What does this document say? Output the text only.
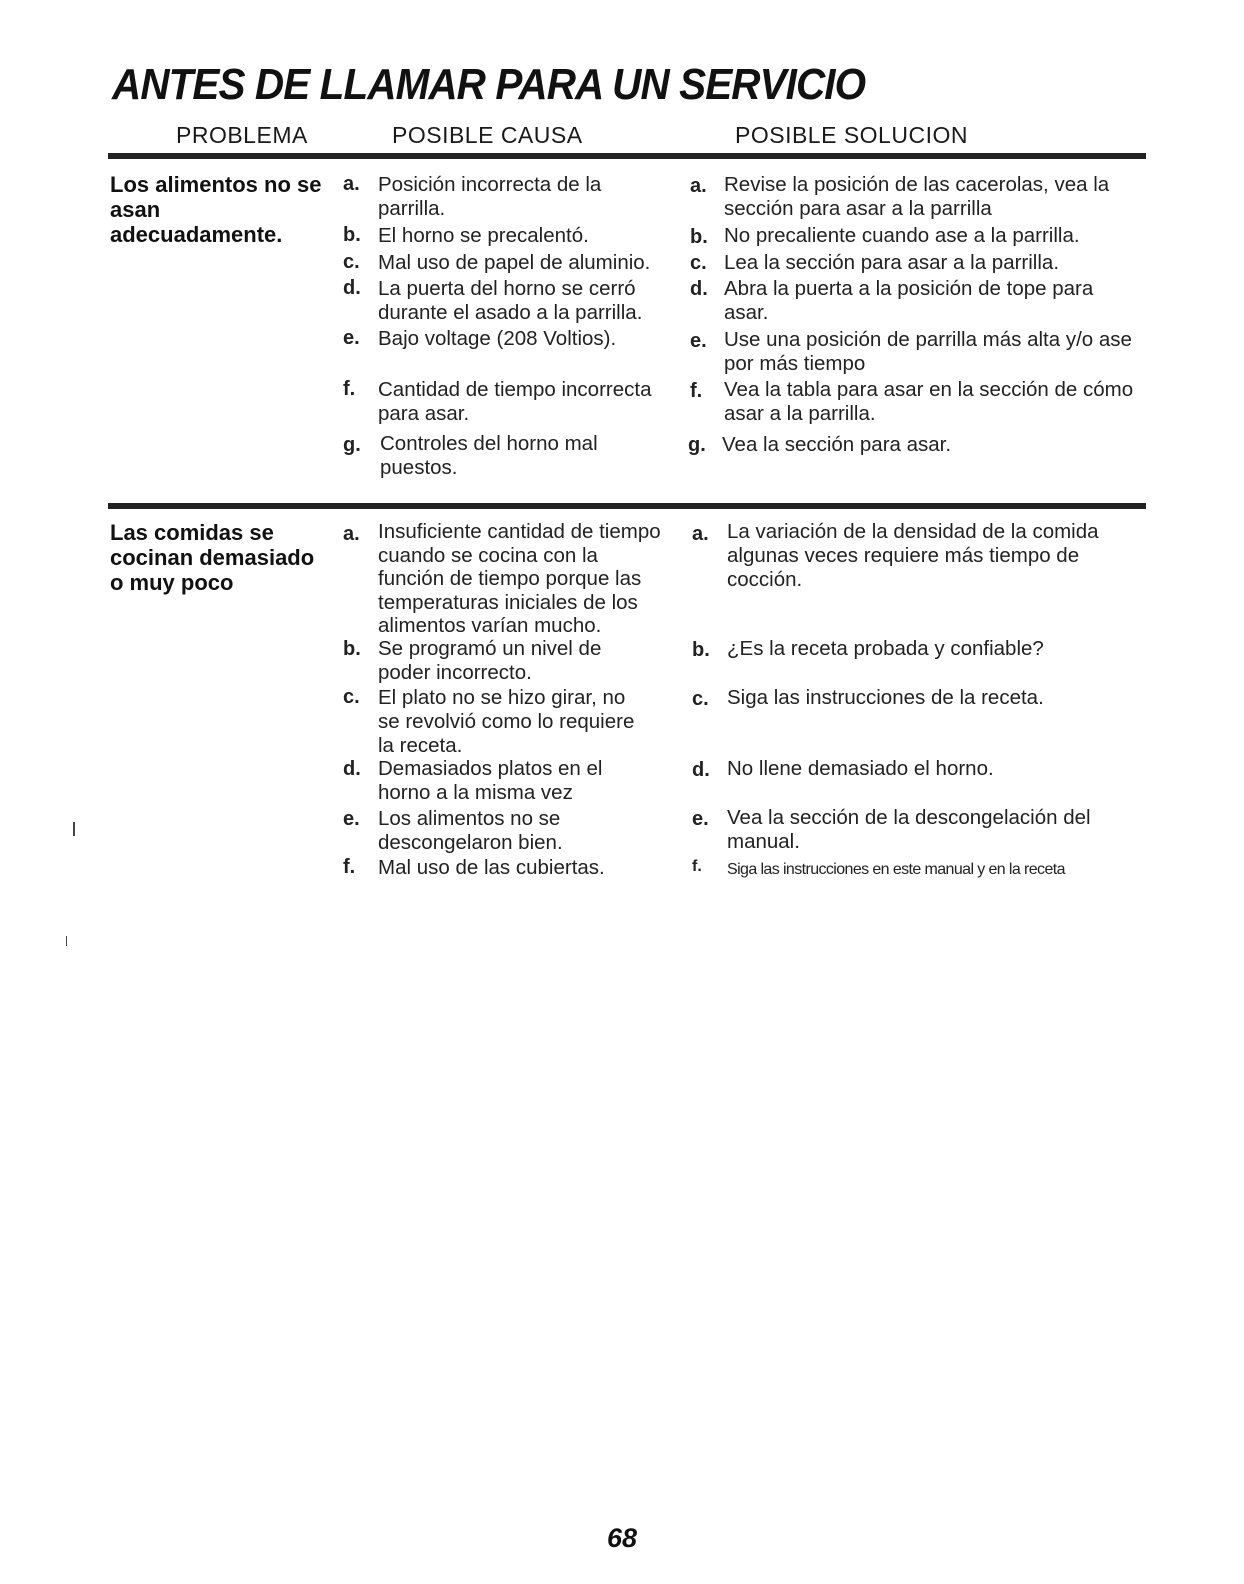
ANTES DE LLAMAR PARA UN SERVICIO
PROBLEMA	POSIBLE CAUSA	POSIBLE SOLUCION
Los alimentos no se asan adecuadamente.
a. Posición incorrecta de la parrilla.
b. El horno se precalentó.
c. Mal uso de papel de aluminio.
d. La puerta del horno se cerró durante el asado a la parrilla.
e. Bajo voltage (208 Voltios).
f. Cantidad de tiempo incorrecta para asar.
g. Controles del horno mal puestos.
a. Revise la posición de las cacerolas, vea la sección para asar a la parrilla
b. No precaliente cuando ase a la parrilla.
c. Lea la sección para asar a la parrilla.
d. Abra la puerta a la posición de tope para asar.
e. Use una posición de parrilla más alta y/o ase por más tiempo
f. Vea la tabla para asar en la sección de cómo asar a la parrilla.
g. Vea la sección para asar.
Las comidas se cocinan demasiado o muy poco
a. Insuficiente cantidad de tiempo cuando se cocina con la función de tiempo porque las temperaturas iniciales de los alimentos varían mucho.
b. Se programó un nivel de poder incorrecto.
c. El plato no se hizo girar, no se revolvió como lo requiere la receta.
d. Demasiados platos en el horno a la misma vez
e. Los alimentos no se descongelaron bien.
f. Mal uso de las cubiertas.
a. La variación de la densidad de la comida algunas veces requiere más tiempo de cocción.
b. ¿Es la receta probada y confiable?
c. Siga las instrucciones de la receta.
d. No llene demasiado el horno.
e. Vea la sección de la descongelación del manual.
f. Siga las instrucciones en este manual y en la receta
68
